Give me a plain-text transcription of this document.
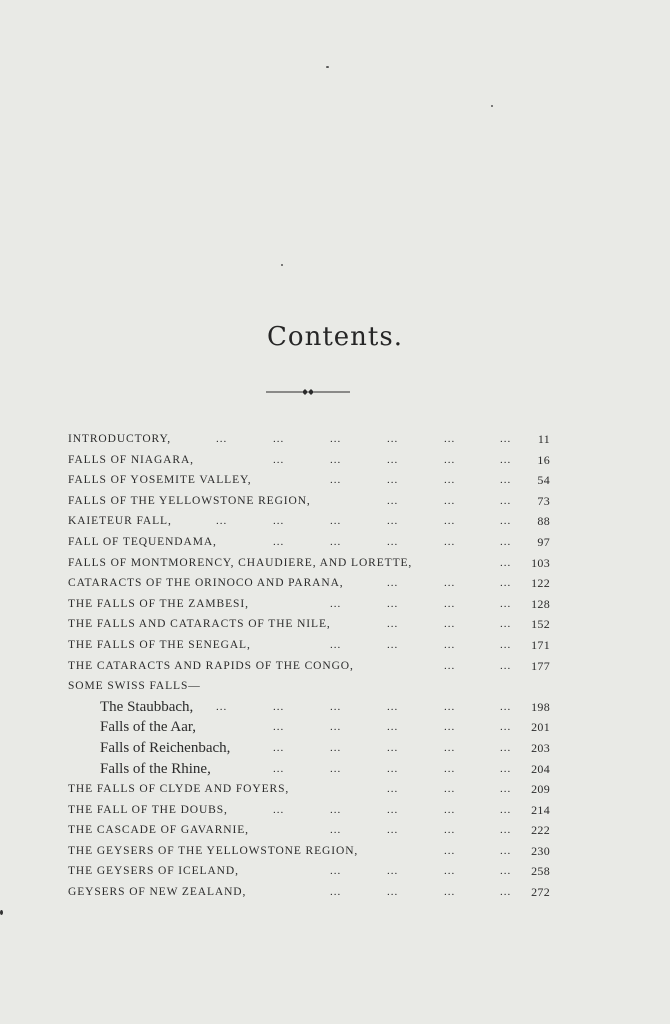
Contents.
INTRODUCTORY,	...	...	...	...	...	... 11
FALLS OF NIAGARA,	...	...	...	...	... 16
FALLS OF YOSEMITE VALLEY,	...	...	...	... 54
FALLS OF THE YELLOWSTONE REGION,	...	...	... 73
KAIETEUR FALL,	...	...	...	...	...	... 88
FALL OF TEQUENDAMA,	...	...	...	...	... 97
FALLS OF MONTMORENCY, CHAUDIERE, AND LORETTE,	... 103
CATARACTS OF THE ORINOCO AND PARANA,	...	...	... 122
THE FALLS OF THE ZAMBESI,	...	...	...	... 128
THE FALLS AND CATARACTS OF THE NILE,	...	...	... 152
THE FALLS OF THE SENEGAL,	...	...	...	... 171
THE CATARACTS AND RAPIDS OF THE CONGO,	...	... 177
SOME SWISS FALLS—
The Staubbach, ...	...	...	...	...	... 198
Falls of the Aar,	...	...	...	...	... 201
Falls of Reichenbach,	...	...	...	...	... 203
Falls of the Rhine,	...	...	...	...	... 204
THE FALLS OF CLYDE AND FOYERS,	...	...	... 209
THE FALL OF THE DOUBS,	...	...	...	...	... 214
THE CASCADE OF GAVARNIE,	...	...	...	... 222
THE GEYSERS OF THE YELLOWSTONE REGION,	...	... 230
THE GEYSERS OF ICELAND,	...	...	...	... 258
GEYSERS OF NEW ZEALAND,	...	...	...	... 272
